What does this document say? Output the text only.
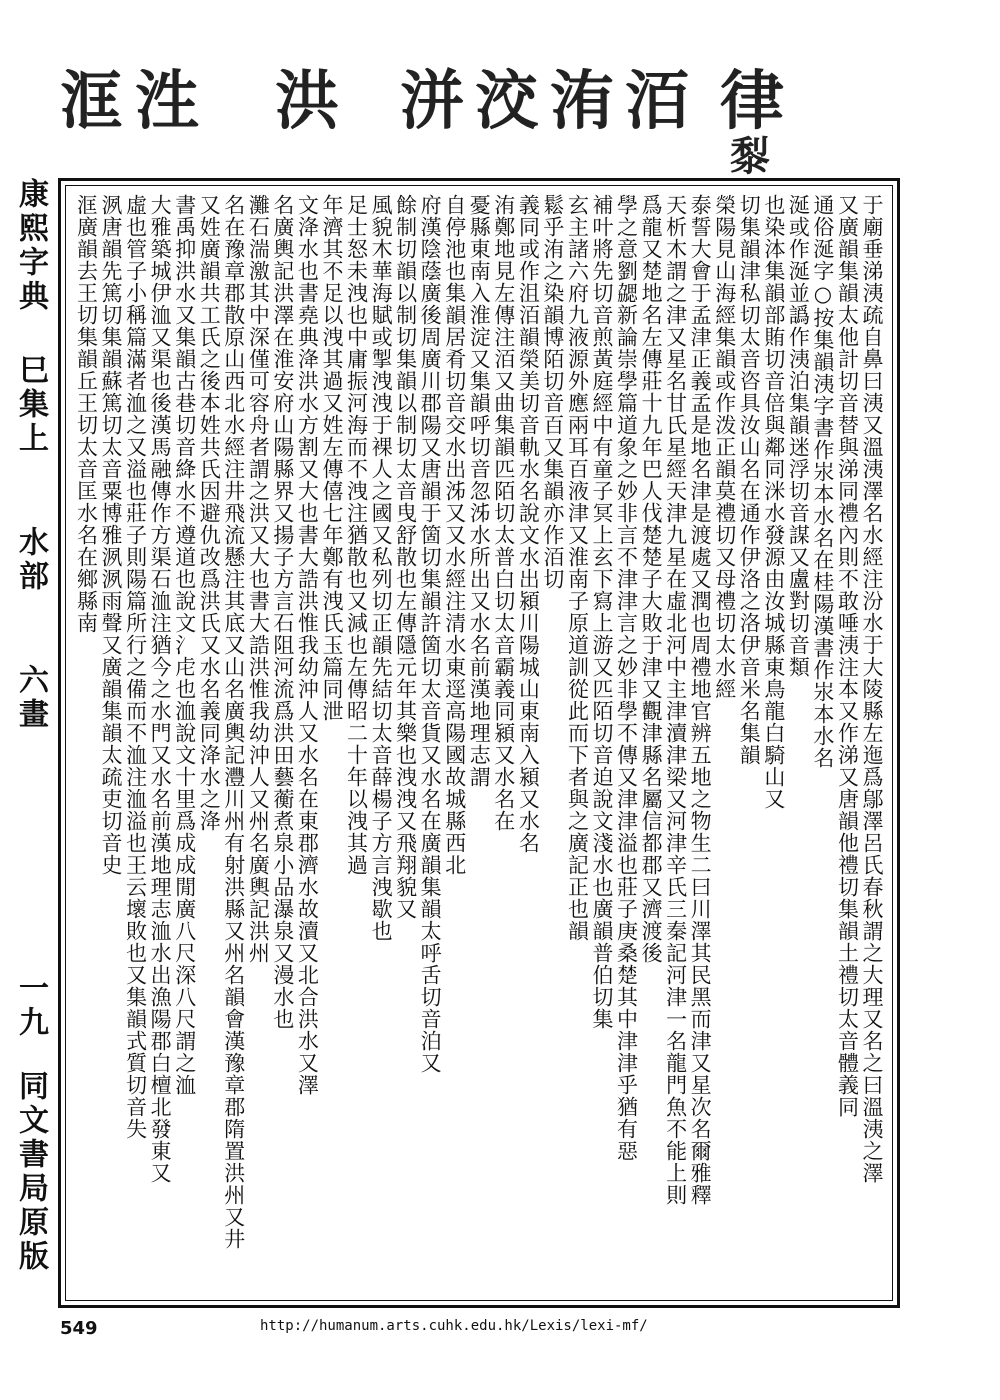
洭 泩 洪 洴 洨 洧 洦 律
㴝
康熙字典
巳集上
水部
六畫
一九
同文書局原版	于廟垂涕洟疏自鼻曰洟又溫洟澤名水經注汾水于大陵縣左迤爲鄔澤呂氏春秋謂之大理又名之曰溫洟之澤
又廣韻集韻太他計切音替與涕同禮內則不敢唾洟注本又作涕又唐韻他禮切集韻土禮切太音體義同
通俗涎字○按集韻洟字書作汖本水名在桂陽漢書作汖本水名
涎或作涎並譌作洟泊集韻迷浮切音謀又盧對切音類
也染泍集韻部賄切音倍與鄰同洣水發源由汝城縣東鳥龍白騎山又
切集韻津私切太音咨具汝山名在通作伊洛之洛伊音米名集韻
榮陽見山海經集韻或作泼正韻莫禮切又母禮切太水經
泰誓大會于孟津正義孟是地名津是渡處又潤也周禮地官辨五地之物生二曰川澤其民黑而津又星次名爾雅釋
天析木謂之津又星名甘氏星經天津九星在虛北河中主津瀆津梁又河津辛氏三秦記河津一名龍門魚不能上則
爲龍又楚地名左傳莊十九年巴人伐楚楚子大敗于津又觀津縣名屬信都郡又濟渡後
學之意劉勰新論崇學篇道象之妙非言不津津言之妙非學不傳又津津溢也莊子庚桑楚其中津津乎猶有惡
補叶將先切音煎黃庭經中有童子冥上玄下寫上游又匹陌切音迫說文淺水也廣韻普伯切集
玄主諸六府九液源外應兩耳百液津又淮南子原道訓從此而下者與之廣記正也韻
鬆乎洧之染韻博陌切音百又集韻亦作洦切
義同或作沮洦韻榮美切音軌水名說文水出潁川陽城山東南入潁又水名
洧鄭地見左傳注洦又曲集韻匹陌切太普白切太音霸義同潁又水名在
憂縣東南入淮淀又集韻呼切音忽泲水所出又水名前漢地理志謂
自停池也集韻居肴切音交水出泲又又水經注清水東逕高陽國故城縣西北
府漢陰蔭廣後周廣川郡陽又唐韻于箇切集韻許箇切太音貨又水名在廣韻集韻太呼舌切音泊又
餘制切韻以制切集韻以制切太音曳舒散也左傳隱元年其樂也洩洩又飛翔貌又
風貌木華海賦或掣洩洩于裸人之國又私列切正韻先結切太音薛楊子方言洩歇也
足士怒未洩也中庸振河海而不洩注猶散也又減也左傳昭二十年以洩其過
年濟其不足以洩其過又姓左傳僖七年鄭有洩氏玉篇同泄
文洚水也書堯典洚洪水方割又大也書大誥洪惟我幼沖人又水名在東郡濟水故瀆又北合洪水又澤
名廣輿記洪澤在淮安府山陽縣界又揚子方言石阻河流爲洪田藝蘅煮泉小品瀑泉又漫水也
灘石湍激其中深僅可容舟者謂之洪又大也書大誥洪惟我幼沖人又州名廣輿記洪州
名在豫章郡散原山西北水經注井飛流懸注其底又山名廣輿記灃川州有射洪縣又州名韻會漢豫章郡隋置洪州又井
又姓廣韻共工氏之後本姓共氏因避仇改爲洪氏又水名義同洚水之洚
書禹抑洪水又集韻古巷切音絳水不遵道也說文氵虍也洫說文十里爲成成閒廣八尺深八尺謂之洫
大雅築城伊洫又渠也後漢馬融傳作方渠石洫注猶今之水門又水名前漢地理志洫水出漁陽郡白檀北發東又
虛也管子小稱篇滿者洫之又溢也莊子則陽篇所行之備而不洫注洫溢也王云壞敗也又集韻式質切音失
洬唐韻先篤切集韻蘇篤切太音粟博雅洬洬雨聲又廣韻集韻太疏吏切音史
洭廣韻去王切集韻丘王切太音匡水名在鄉縣南
549	http://humanum.arts.cuhk.edu.hk/Lexis/lexi-mf/
